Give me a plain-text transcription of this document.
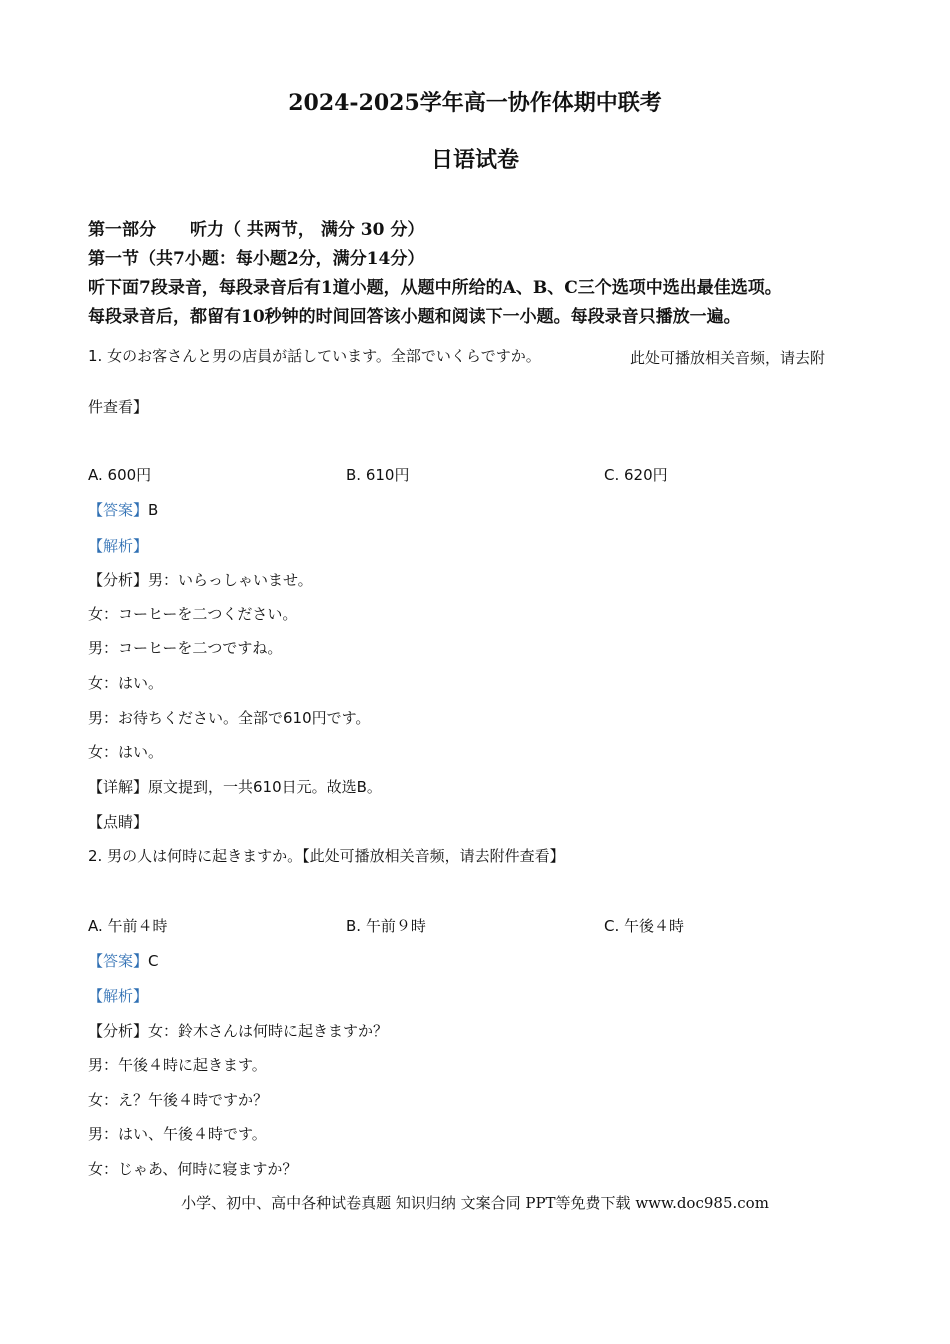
2024-2025学年高一协作体期中联考
日语试卷
第一部分　　听力（ 共两节， 满分 30 分）
第一节（共7小题：每小题2分，满分14分）
听下面7段录音，每段录音后有1道小题，从题中所给的A、B、C三个选项中选出最佳选项。
每段录音后，都留有10秒钟的时间回答该小题和阅读下一小题。每段录音只播放一遍。
1. 女のお客さんと男の店員が話しています。全部でいくらですか。	此处可播放相关音频，请去附
件查看】
A. 600円	B. 610円	C. 620円
【答案】B
【解析】
【分析】男：いらっしゃいませ。
女：コーヒーを二つください。
男：コーヒーを二つですね。
女：はい。
男：お待ちください。全部で610円です。
女：はい。
【详解】原文提到，一共610日元。故选B。
【点睛】
2. 男の人は何時に起きますか。【此处可播放相关音频，请去附件查看】
A. 午前４時	B. 午前９時	C. 午後４時
【答案】C
【解析】
【分析】女：鈴木さんは何時に起きますか？
男：午後４時に起きます。
女：え？午後４時ですか？
男：はい、午後４時です。
女：じゃあ、何時に寝ますか？
小学、初中、高中各种试卷真题 知识归纳 文案合同 PPT等免费下载 www.doc985.com
